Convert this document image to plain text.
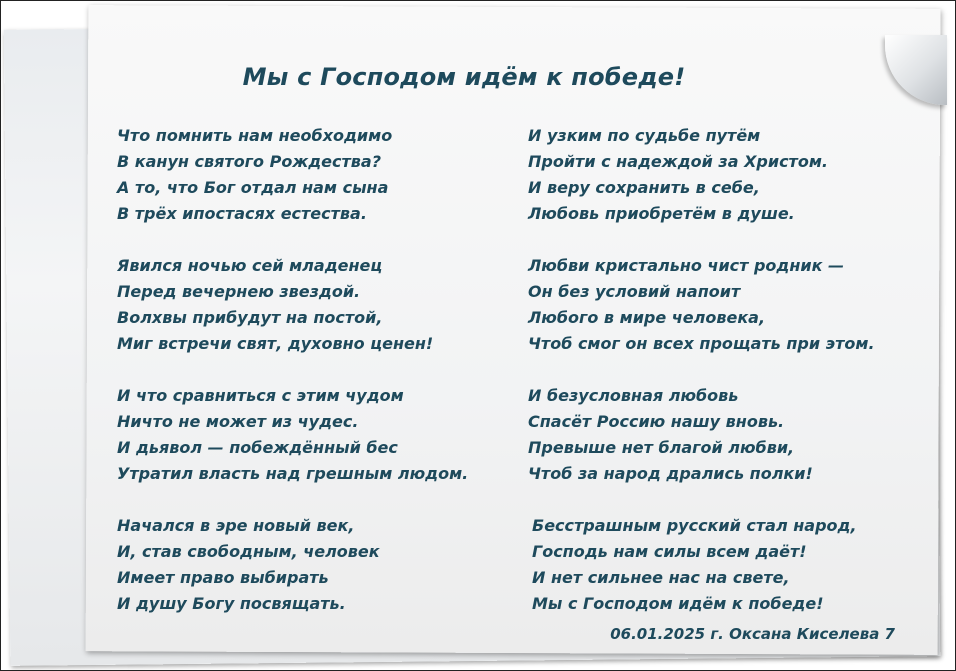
Мы с Господом идём к победе!
Что помнить нам необходимо
В канун святого Рождества?
А то, что Бог отдал нам сына
В трёх ипостасях естества.
Явился ночью сей младенец
Перед вечернею звездой.
Волхвы прибудут на постой,
Миг встречи свят, духовно ценен!
И что сравниться с этим чудом
Ничто не может из чудес.
И дьявол — побеждённый бес
Утратил власть над грешным людом.
Начался в эре новый век,
И, став свободным, человек
Имеет право выбирать
И душу Богу посвящать.
И узким по судьбе путём
Пройти с надеждой за Христом.
И веру сохранить в себе,
Любовь приобретём в душе.
Любви кристально чист родник —
Он без условий напоит
Любого в мире человека,
Чтоб смог он всех прощать при этом.
И безусловная любовь
Спасёт Россию нашу вновь.
Превыше нет благой любви,
Чтоб за народ дрались полки!
Бесстрашным русский стал народ,
Господь нам силы всем даёт!
И нет сильнее нас на свете,
Мы с Господом идём к победе!
06.01.2025 г. Оксана Киселева 7
